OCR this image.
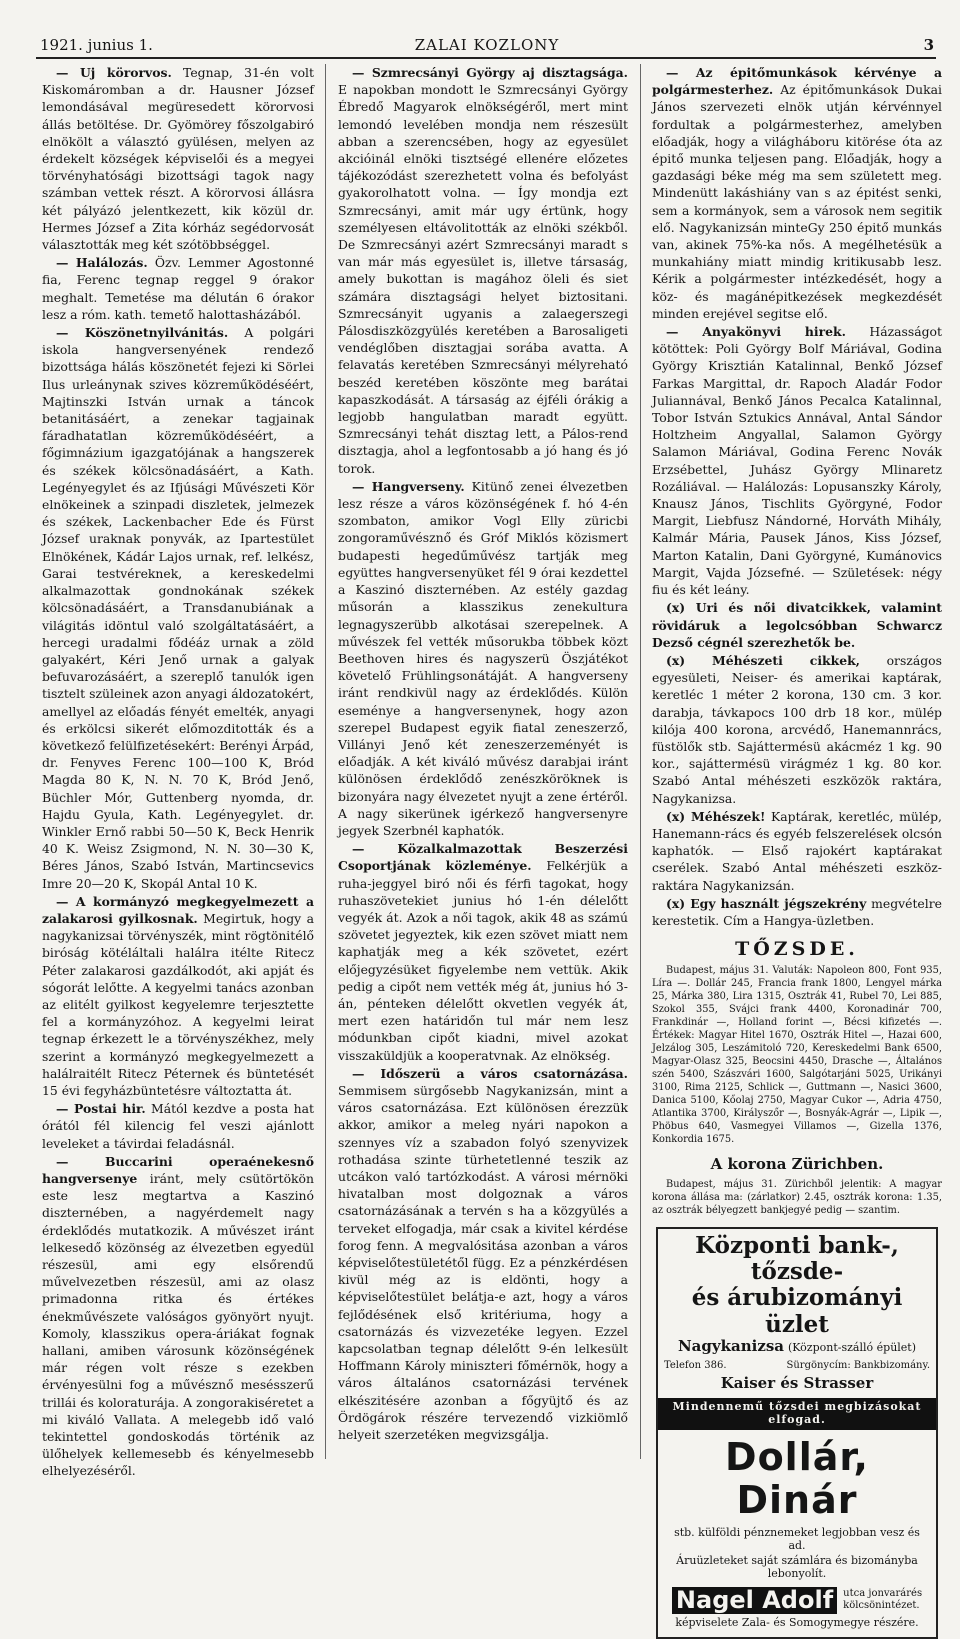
1921. junius 1.	ZALAI KOZLONY	3

— Uj körorvos. Tegnap, 31-én volt Kiskomáromban a dr. Hausner József lemondásával megüresedett körorvosi állás betöltése. Dr. Gyömörey főszolgabiró elnökölt a választó gyülésen, melyen az érdekelt községek képviselői és a megyei törvényhatósági bizottsági tagok nagy számban vettek részt. A körorvosi állásra két pályázó jelentkezett, kik közül dr. Hermes József a Zita kórház segédorvosát választották meg két szótöbbséggel.

— Halálozás. Özv. Lemmer Agostonné fia, Ferenc tegnap reggel 9 órakor meghalt. Temetése ma délután 6 órakor lesz a róm. kath. temető halottasházából.

— Köszönetnyilvánitás. A polgári iskola hangversenyének rendező bizottsága hálás köszönetét fejezi ki Sörlei Ilus urleánynak szives közreműködéséért, Majtinszki István urnak a táncok betanitásáért, a zenekar tagjainak fáradhatatlan közreműködéséért, a főgimnázium igazgatójának a hangszerek és székek kölcsönadásáért, a Kath. Legényegylet és az Ifjúsági Művészeti Kör elnökeinek a szinpadi diszletek, jelmezek és székek, Lackenbacher Ede és Fürst József uraknak ponyvák, az Ipartestület Elnökének, Kádár Lajos urnak, ref. lelkész, Garai testvéreknek, a kereskedelmi alkalmazottak gondnokának székek kölcsönadásáért, a Transdanubiának a világitás idöntul való szolgáltatásáért, a hercegi uradalmi fődéáz urnak a zöld galyakért, Kéri Jenő urnak a galyak befuvarozásáért, a szereplő tanulók igen tisztelt szüleinek azon anyagi áldozatokért, amellyel az előadás fényét emelték, anyagi és erkölcsi sikerét előmozditották és a következő felülfizetésekért: Berényi Árpád, dr. Fenyves Ferenc 100—100 K, Bród Magda 80 K, N. N. 70 K, Bród Jenő, Büchler Mór, Guttenberg nyomda, dr. Hajdu Gyula, Kath. Legényegylet. dr. Winkler Ernő rabbi 50—50 K, Beck Henrik 40 K. Weisz Zsigmond, N. N. 30—30 K, Béres János, Szabó István, Martincsevics Imre 20—20 K, Skopál Antal 10 K.

— A kormányzó megkegyelmezett a zalakarosi gyilkosnak. Megirtuk, hogy a nagykanizsai törvényszék, mint rögtönitélő biróság kötéláltali halálra itélte Ritecz Péter zalakarosi gazdálkodót, aki apját és sógorát lelőtte. A kegyelmi tanács azonban az elitélt gyilkost kegyelemre terjesztette fel a kormányzóhoz. A kegyelmi leirat tegnap érkezett le a törvényszékhez, mely szerint a kormányzó megkegyelmezett a halálraitélt Ritecz Péternek és büntetését 15 évi fegyházbüntetésre változtatta át.

— Postai hir. Mától kezdve a posta hat órától fél kilencig fel veszi ajánlott leveleket a távirdai feladásnál.

— Buccarini operaénekesnő hangversenye iránt, mely csütörtökön este lesz megtartva a Kaszinó diszternében, a nagyérdemelt nagy érdeklődés mutatkozik. A művészet iránt lelkesedő közönség az élvezetben egyedül részesül, ami egy elsőrendű művelvezetben részesül, ami az olasz primadonna ritka és értékes énekművészete valóságos gyönyört nyujt. Komoly, klasszikus opera-áriákat fognak hallani, amiben városunk közönségének már régen volt része s ezekben érvényesülni fog a művésznő mesésszerű trillái és koloraturája. A zongorakiséretet a mi kiváló Vallata. A melegebb idő való tekintettel gondoskodás történik az ülőhelyek kellemesebb és kényelmesebb elhelyezéséről.

— Szmrecsányi György aj disztagsága. E napokban mondott le Szmrecsányi György Ébredő Magyarok elnökségéről, mert mint lemondó levelében mondja nem részesült abban a szerencsében, hogy az egyesület akcióinál elnöki tisztségé ellenére előzetes tájékozódást szerezhetett volna és befolyást gyakorolhatott volna. — Így mondja ezt Szmrecsányi, amit már ugy értünk, hogy személyesen eltávolitották az elnöki székből. De Szmrecsányi azért Szmrecsányi maradt s van már más egyesület is, illetve társaság, amely bukottan is magához öleli és siet számára disztagsági helyet biztositani. Szmrecsányit ugyanis a zalaegerszegi Pálosdiszközgyülés keretében a Barosaligeti vendéglőben disztagjai sorába avatta. A felavatás keretében Szmrecsányi mélyreható beszéd keretében köszönte meg barátai kapaszkodását. A társaság az éjféli órákig a legjobb hangulatban maradt együtt. Szmrecsányi tehát disztag lett, a Pálos-rend disztagja, ahol a legfontosabb a jó hang és jó torok.

— Hangverseny. Kitünő zenei élvezetben lesz része a város közönségének f. hó 4-én szombaton, amikor Vogl Elly züricbi zongoraművésznő és Gróf Miklós közismert budapesti hegedűművész tartják meg együttes hangversenyüket fél 9 órai kezdettel a Kaszinó diszternében. Az estély gazdag műsorán a klasszikus zenekultura legnagyszerübb alkotásai szerepelnek. A művészek fel vették műsorukba többek közt Beethoven hires és nagyszerü Öszjátékot követelő Frühlingsonátáját. A hangverseny iránt rendkivül nagy az érdeklődés. Külön eseménye a hangversenynek, hogy azon szerepel Budapest egyik fiatal zeneszerző, Villányi Jenő két zeneszerzeményét is előadják. A két kiváló művész darabjai iránt különösen érdeklődő zenészköröknek is bizonyára nagy élvezetet nyujt a zene értéről. A nagy sikerünek igérkező hangversenyre jegyek Szerbnél kaphatók.

— Közalkalmazottak Beszerzési Csoportjának közleménye. Felkérjük a ruha-jeggyel biró női és férfi tagokat, hogy ruhaszövetekiet junius hó 1-én délelőtt vegyék át. Azok a női tagok, akik 48 as számú szövetet jegyeztek, kik ezen szövet miatt nem kaphatják meg a kék szövetet, ezért előjegyzésüket figyelembe nem vettük. Akik pedig a cipőt nem vették még át, junius hó 3-án, pénteken délelőtt okvetlen vegyék át, mert ezen határidőn tul már nem lesz módunkban cipőt kiadni, mivel azokat visszaküldjük a kooperatvnak. Az elnökség.

— Időszerü a város csatornázása. Semmisem sürgősebb Nagykanizsán, mint a város csatornázása. Ezt különösen érezzük akkor, amikor a meleg nyári napokon a szennyes víz a szabadon folyó szenyvizek rothadása szinte türhetetlenné teszik az utcákon való tartózkodást. A városi mérnöki hivatalban most dolgoznak a város csatornázásának a tervén s ha a közgyülés a terveket elfogadja, már csak a kivitel kérdése forog fenn. A megvalósitása azonban a város képviselőtestületétől függ. Ez a pénzkérdésen kivül még az is eldönti, hogy a képviselőtestület belátja-e azt, hogy a város fejlődésének első kritériuma, hogy a csatornázás és vizvezetéke legyen. Ezzel kapcsolatban tegnap délelőtt 9-én lelkesült Hoffmann Károly miniszteri főmérnök, hogy a város általános csatornázási tervének elkészitésére azonban a főgyüjtő és az Ördögárok részére tervezendő vizkiömlő helyeit szerzetéken megvizsgálja.

— Az épitőmunkások kérvénye a polgármesterhez. Az épitőmunkások Dukai János szervezeti elnök utján kérvénnyel fordultak a polgármesterhez, amelyben előadják, hogy a világháboru kitörése óta az épitő munka teljesen pang. Előadják, hogy a gazdasági béke még ma sem született meg. Mindenütt lakáshiány van s az épitést senki, sem a kormányok, sem a városok nem segitik elő. Nagykanizsán minteGy 250 épitő munkás van, akinek 75%-ka nős. A megélhetésük a munkahiány miatt mindig kritikusabb lesz. Kérik a polgármester intézkedését, hogy a köz- és magánépitkezések megkezdését minden erejével segitse elő.

— Anyakönyvi hirek. Házasságot kötöttek: Poli György Bolf Máriával, Godina György Krisztián Katalinnal, Benkő József Farkas Margittal, dr. Rapoch Aladár Fodor Juliannával, Benkő János Pecalca Katalinnal, Tobor István Sztukics Annával, Antal Sándor Holtzheim Angyallal, Salamon György Salamon Máriával, Godina Ferenc Novák Erzsébettel, Juhász György Mlinaretz Rozáliával. — Halálozás: Lopusanszky Károly, Knausz János, Tischlits Györgyné, Fodor Margit, Liebfusz Nándorné, Horváth Mihály, Kalmár Mária, Pausek János, Kiss József, Marton Katalin, Dani Györgyné, Kumánovics Margit, Vajda Józsefné. — Születések: négy fiu és két leány.

(x) Uri és női divatcikkek, valamint rövidáruk a legolcsóbban Schwarcz Dezső cégnél szerezhetők be.

(x) Méhészeti cikkek, országos egyesületi, Neiser- és amerikai kaptárak, keretléc 1 méter 2 korona, 130 cm. 3 kor. darabja, távkapocs 100 drb 18 kor., mülép kilója 400 korona, arcvédő, Hanemannrács, füstölők stb. Sajáttermésü akácméz 1 kg. 90 kor., sajáttermésü virágméz 1 kg. 80 kor. Szabó Antal méhészeti eszközök raktára, Nagykanizsa.

(x) Méhészek! Kaptárak, keretléc, mülép, Hanemann-rács és egyéb felszerelések olcsón kaphatók. — Első rajokért kaptárakat cserélek. Szabó Antal méhészeti eszköz-raktára Nagykanizsán.

(x) Egy használt jégszekrény megvételre kerestetik. Cím a Hangya-üzletben.

TŐZSDE.

Budapest, május 31. Valuták: Napoleon 800, Font 935, Líra —. Dollár 245, Francia frank 1800, Lengyel márka 25, Márka 380, Lira 1315, Osztrák 41, Rubel 70, Lei 885, Szokol 355, Svájci frank 4400, Koronadinár 700, Frankdinár —, Holland forint —, Bécsi kifizetés —. Értékek: Magyar Hitel 1670, Osztrák Hitel —, Hazai 600, Jelzálog 305, Leszámitoló 720, Kereskedelmi Bank 6500, Magyar-Olasz 325, Beocsini 4450, Drasche —, Általános szén 5400, Szászvári 1600, Salgótarjáni 5025, Urikányi 3100, Rima 2125, Schlick —, Guttmann —, Nasici 3600, Danica 5100, Kőolaj 2750, Magyar Cukor —, Adria 4750, Atlantika 3700, Királyszőr —, Bosnyák-Agrár —, Lipik —, Phöbus 640, Vasmegyei Villamos —, Gizella 1376, Konkordia 1675.

A korona Zürichben.

Budapest, május 31. Zürichből jelentik: A magyar korona állása ma: (zárlatkor) 2.45, osztrák korona: 1.35, az osztrák bélyegzett bankjegyé pedig — szantim.

Központi bank-, tőzsde-
és árubizományi üzlet
Nagykanizsa (Központ-szálló épület)
Telefon 386.	Sürgönycím: Bankbizomány.
Kaiser és Strasser
Mindennemű tőzsdei megbizásokat elfogad.
Dollár, Dinár
stb. külföldi pénznemeket legjobban vesz és ad.
Áruüzleteket saját számlára és bizományba lebonyolít.
Nagel Adolf	utca jonvarárés
kölcsönintézet.
képviselete Zala- és Somogymegye részére.
